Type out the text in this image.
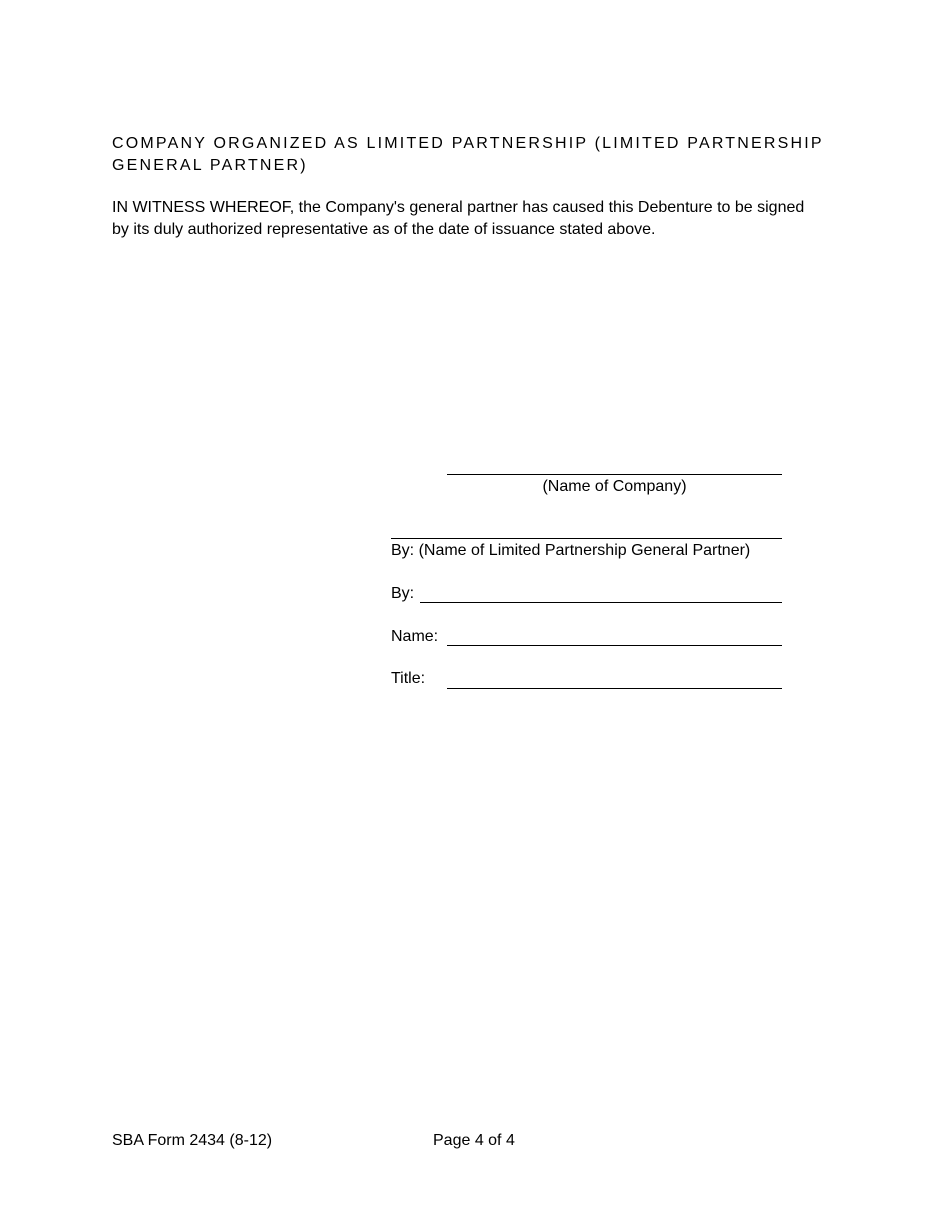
COMPANY ORGANIZED AS LIMITED PARTNERSHIP (LIMITED PARTNERSHIP GENERAL PARTNER)

IN WITNESS WHEREOF, the Company's general partner has caused this Debenture to be signed by its duly authorized representative as of the date of issuance stated above.

(Name of Company)
By: (Name of Limited Partnership General Partner)
By:
Name:
Title:
SBA Form 2434 (8-12)	Page 4 of 4
